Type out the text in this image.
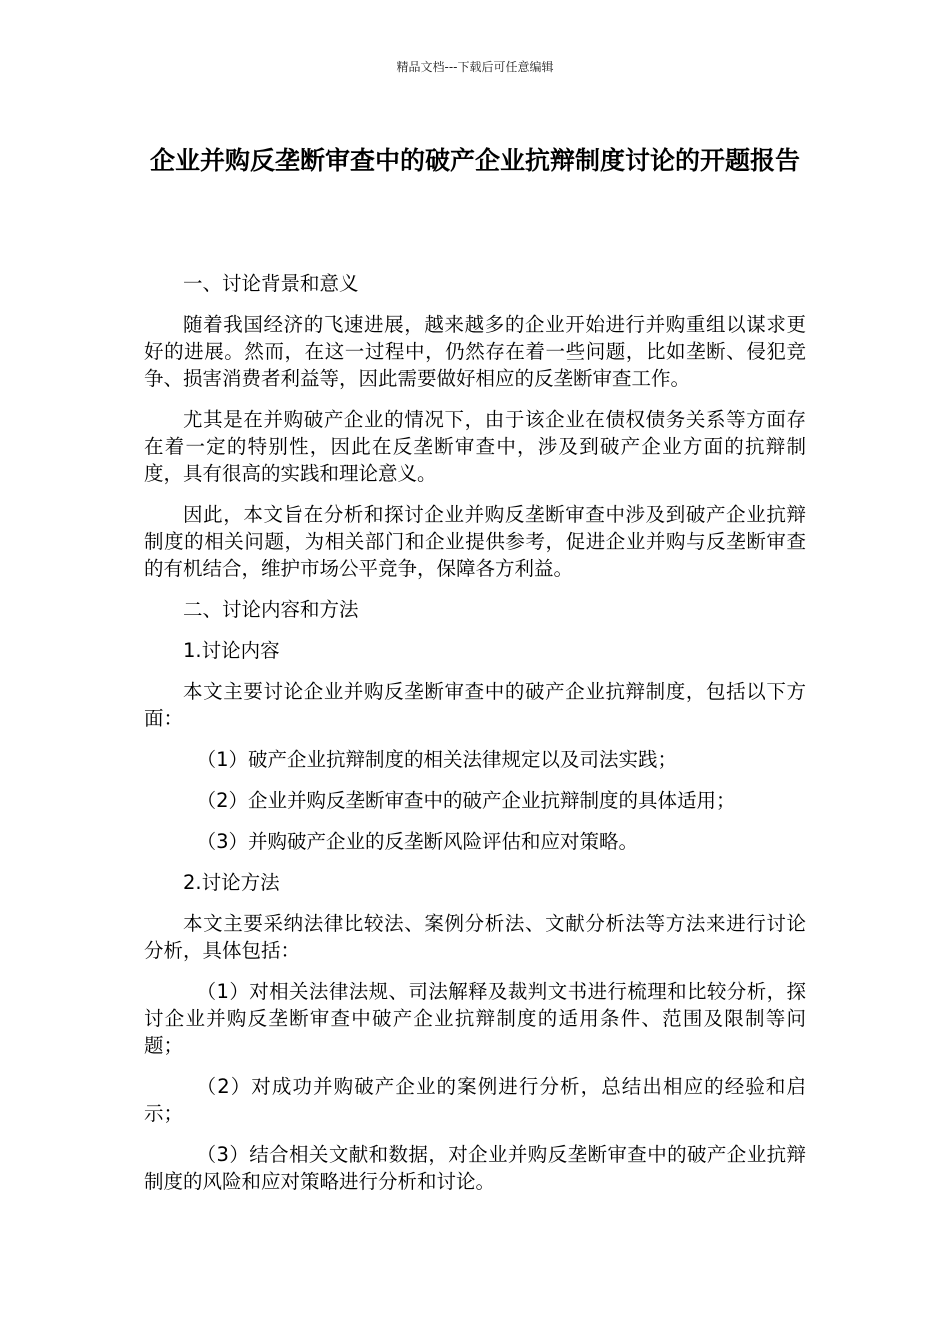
精品文档---下载后可任意编辑
企业并购反垄断审查中的破产企业抗辩制度讨论的开题报告

一、讨论背景和意义

随着我国经济的飞速进展，越来越多的企业开始进行并购重组以谋求更好的进展。然而，在这一过程中，仍然存在着一些问题，比如垄断、侵犯竞争、损害消费者利益等，因此需要做好相应的反垄断审查工作。

尤其是在并购破产企业的情况下，由于该企业在债权债务关系等方面存在着一定的特别性，因此在反垄断审查中，涉及到破产企业方面的抗辩制度，具有很高的实践和理论意义。

因此，本文旨在分析和探讨企业并购反垄断审查中涉及到破产企业抗辩制度的相关问题，为相关部门和企业提供参考，促进企业并购与反垄断审查的有机结合，维护市场公平竞争，保障各方利益。

二、讨论内容和方法

1.讨论内容

本文主要讨论企业并购反垄断审查中的破产企业抗辩制度，包括以下方面：

（1）破产企业抗辩制度的相关法律规定以及司法实践；

（2）企业并购反垄断审查中的破产企业抗辩制度的具体适用；

（3）并购破产企业的反垄断风险评估和应对策略。

2.讨论方法

本文主要采纳法律比较法、案例分析法、文献分析法等方法来进行讨论分析，具体包括：

（1）对相关法律法规、司法解释及裁判文书进行梳理和比较分析，探讨企业并购反垄断审查中破产企业抗辩制度的适用条件、范围及限制等问题；

（2）对成功并购破产企业的案例进行分析，总结出相应的经验和启示；

（3）结合相关文献和数据，对企业并购反垄断审查中的破产企业抗辩制度的风险和应对策略进行分析和讨论。
